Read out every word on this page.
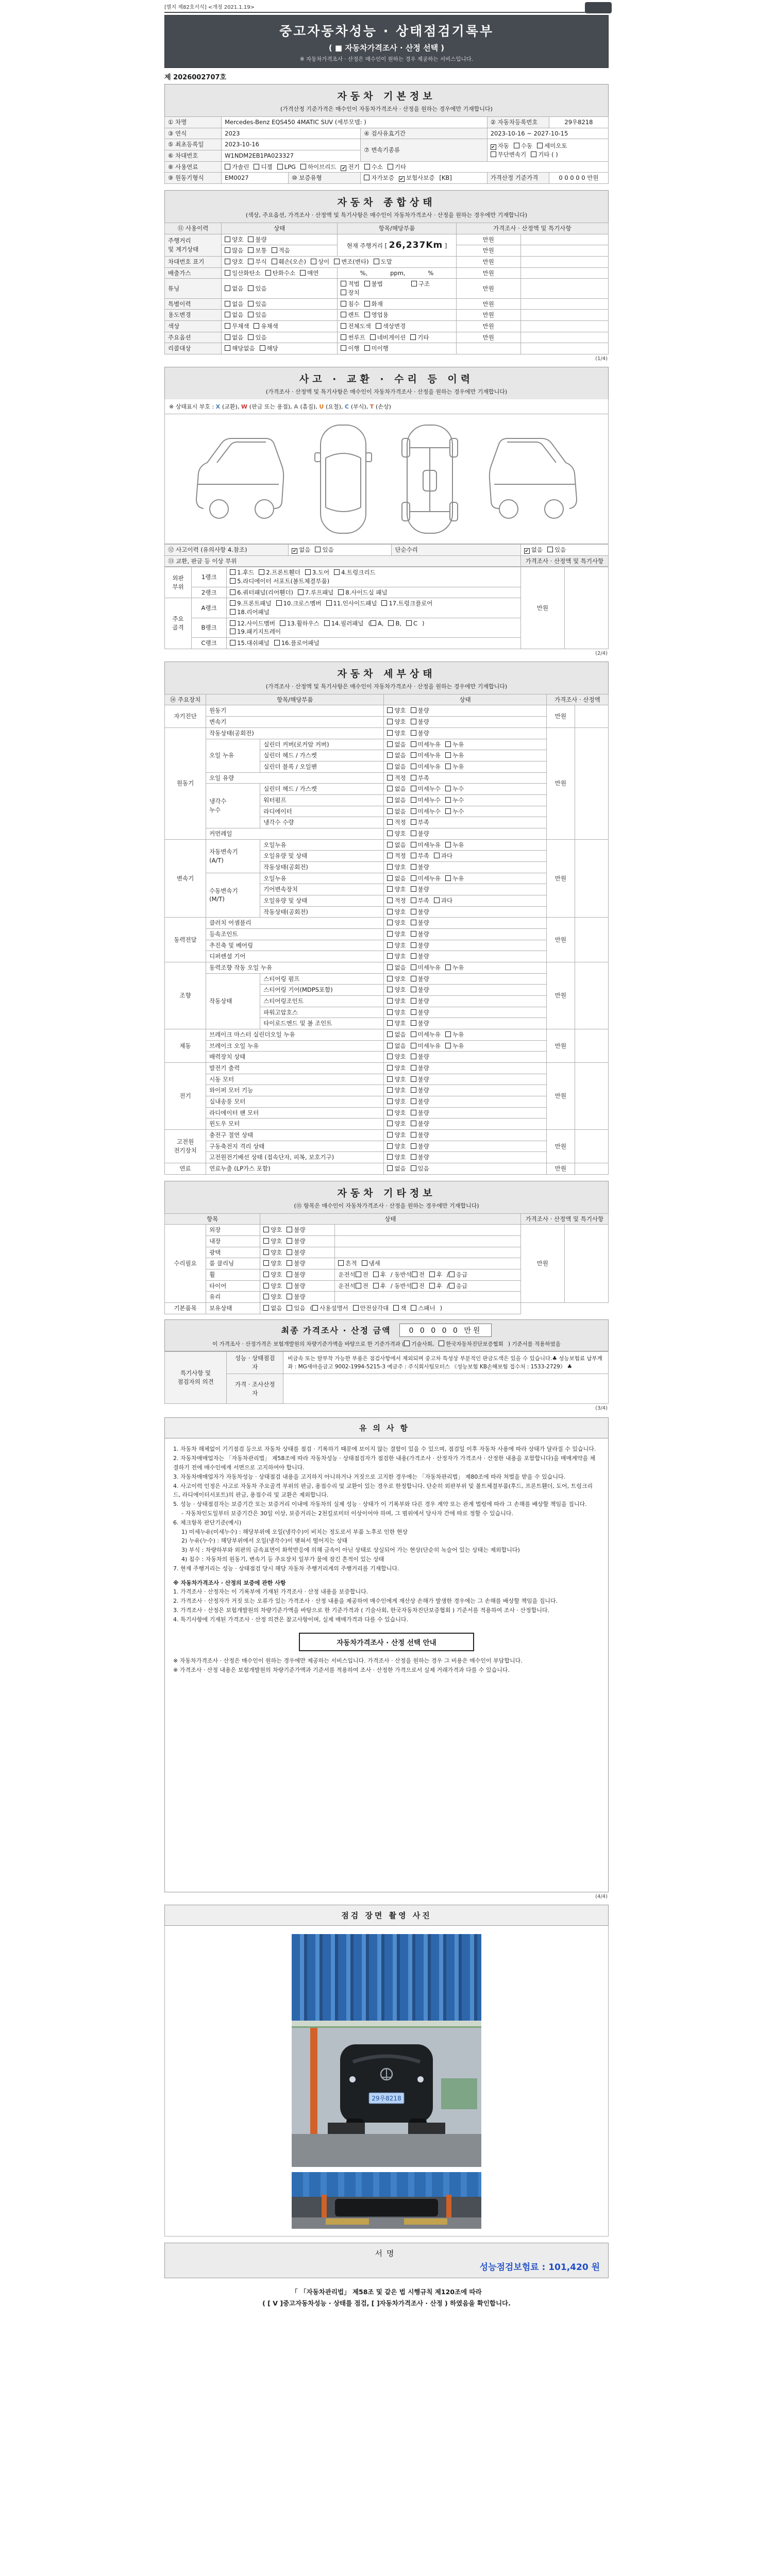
[별지 제82호서식] <개정 2021.1.19>
중고자동차성능 · 상태점검기록부
( ■ 자동차가격조사 · 산정 선택 )
※ 자동차가격조사 · 산정은 매수인이 원하는 경우 제공하는 서비스입니다.
제 2026002707호
자동차 기본정보
(가격산정 기준가격은 매수인이 자동차가격조사 · 산정을 원하는 경우에만 기재합니다)
① 차명	Mercedes-Benz EQS450 4MATIC SUV (세부모델: )			② 자동차등록번호	29우8218
③ 연식	2023		④ 검사유효기간	2023-10-16 ~ 2027-10-15	
⑤ 최초등록일	2023-10-16		⑦ 변속기종류	✔자동 수동 세미오토
무단변속기 기타 ( )
⑥ 차대번호	W1NDM2EB1PA023327				
⑧ 사용연료	가솔린 디젤 LPG 하이브리드 ✔ 전기 수소 기타
⑨ 원동기형식	EM0027	⑩ 보증유형	자가보증 ✔ 보험사보증 [KB]	가격산정 기준가격	0 0 0 0 0 만원
자동차 종합상태
(색상, 주요옵션, 가격조사 · 산정액 및 특기사항은 매수인이 자동차가격조사 · 산정을 원하는 경우에만 기재합니다)
⑪ 사용이력	상태	항목/해당부품	가격조사 · 산정액 및 특기사항	
주행거리
및 계기상태	양호 불량	현재 주행거리 [ 26,237Km ]	만원	
	많음 보통 적음		만원	
차대번호 표기	양호 부식 훼손(오손) 상이 변조(변타) 도말		만원	
배출가스	일산화탄소 탄화수소 매연	%,            ppm,            %	만원	
튜닝	없음 있음	적법 불법 구조장치	만원	
특별이력	없음 있음	침수 화재	만원	
용도변경	없음 있음	렌트 영업용	만원	
색상	무채색 유채색	전체도색 색상변경	만원	
주요옵션	없음 있음	썬루프 네비게이션 기타	만원	
리콜대상	해당없음 해당	이행 미이행		
(1/4)
사고 · 교환 · 수리 등 이력
(가격조사 · 산정액 및 특기사항은 매수인이 자동차가격조사 · 산정을 원하는 경우에만 기재합니다)
※ 상태표시 부호 : X (교환) , W (판금 또는 용접) , A (흠집) , U (요철) , C (부식) , T (손상)
⑫ 사고이력 (유의사항 4.참조)	✔없음 있음	단순수리	✔없음 있음
⑬ 교환, 판금 등 이상 부위			가격조사 · 산정액 및 특기사항
외판
부위	1랭크	1.후드 2.프론트휀더 3.도어 4.트렁크리드
5.라디에이터 서포트(볼트체결부품)	만원	
	2랭크	6.쿼터패널(리어휀더) 7.루프패널 8.사이드실 패널		
주요
골격	A랭크	9.프론트패널 10.크로스멤버 11.인사이드패널 17.트렁크플로어
18.리어패널		
	B랭크	12.사이드멤버 13.휠하우스 14.필러패널 ( A, B, C )
19.패키지트레이		
	C랭크	15.대쉬패널 16.플로어패널		
(2/4)
자동차 세부상태
(가격조사 · 산정액 및 특기사항은 매수인이 자동차가격조사 · 산정을 원하는 경우에만 기재합니다)
⑭ 주요장치	항목/해당부품		상태	가격조사 · 산정액	
자기진단	원동기		양호 불량	만원	
	변속기		양호 불량		
원동기	작동상태(공회전)		양호 불량	만원	
	오일 누유	실린더 커버(로커암 커버)	없음 미세누유 누유		
		실린더 헤드 / 가스켓	없음 미세누유 누유		
		실린더 블록 / 오일팬	없음 미세누유 누유		
	오일 유량		적정 부족		
	냉각수
누수	실린더 헤드 / 가스켓	없음 미세누수 누수		
		워터펌프	없음 미세누수 누수		
		라디에이터	없음 미세누수 누수		
		냉각수 수량	적정 부족		
	커먼레일		양호 불량		
변속기	자동변속기
(A/T)	오일누유	없음 미세누유 누유	만원	
		오일유량 및 상태	적정 부족 과다		
		작동상태(공회전)	양호 불량		
	수동변속기
(M/T)	오일누유	없음 미세누유 누유		
		기어변속장치	양호 불량		
		오일유량 및 상태	적정 부족 과다		
		작동상태(공회전)	양호 불량		
동력전달	클러치 어셈블리		양호 불량	만원	
	등속조인트		양호 불량		
	추진축 및 베어링		양호 불량		
	디퍼렌셜 기어		양호 불량		
조향	동력조향 작동 오일 누유		없음 미세누유 누유	만원	
	작동상태	스티어링 펌프	양호 불량		
		스티어링 기어(MDPS포함)	양호 불량		
		스티어링조인트	양호 불량		
		파워고압호스	양호 불량		
		타이로드엔드 및 볼 조인트	양호 불량		
제동	브레이크 마스터 실린더오일 누유		없음 미세누유 누유	만원	
	브레이크 오일 누유		없음 미세누유 누유		
	배력장치 상태		양호 불량		
전기	발전기 출력		양호 불량	만원	
	시동 모터		양호 불량		
	와이퍼 모터 기능		양호 불량		
	실내송풍 모터		양호 불량		
	라디에이터 팬 모터		양호 불량		
	윈도우 모터		양호 불량		
고전원
전기장치	충전구 절연 상태		양호 불량	만원	
	구동축전지 격리 상태		양호 불량		
	고전원전기배선 상태 (접속단자, 피복, 보호기구)		양호 불량		
연료	연료누출 (LP가스 포함)		없음 있음	만원	
자동차 기타정보
(⑮ 항목은 매수인이 자동차가격조사 · 산정을 원하는 경우에만 기재합니다)
항목		상태		가격조사 · 산정액 및 특기사항	
수리필요	외장	양호 불량		만원	
	내장	양호 불량			
	광택	양호 불량			
	룸 클리닝	양호 불량	흔적 냄새		
	휠	양호 불량	운전석 전 후 / 동반석 전 후 / 응급		
	타이어	양호 불량	운전석 전 후 / 동반석 전 후 / 응급		
	유리	양호 불량			
기본품목	보유상태	없음 있음 ( 사용설명서 안전삼각대 잭 스패너 )			
최종 가격조사 · 산정 금액	0 0 0 0 0 만원
이 가격조사 · 산정가격은 보험개발원의 차량기준가액을 바탕으로 한 기준가격과 ( 기술사회, 한국자동차진단보증협회 ) 기준서를 적용하였음
특기사항 및
점검자의 의견	성능 · 상태점검
자	비금속 또는 탈부착 가능한 부품은 점검사항에서 제외되며 중고차 특성상 부분적인 판금도색은 있을 수 있습니다.♣ 성능보험료 납부계좌 : MG새마을금고 9002-1994-5215-3 예금주 : 주식회사팀모터스 《성능보험 KB손해보험 접수처 : 1533-2729》 ♣
	가격 · 조사산정
자	
(3/4)
유의사항
1. 자동차 해체없이 기기점검 등으로 자동차 상태를 점검 · 기록하기 때문에 보이지 않는 결함이 있을 수 있으며, 점검일 이후 자동차 사용에 따라 상태가 달라질 수 있습니다.
2. 자동차매매업자는 「자동차관리법」 제58조에 따라 자동차성능 · 상태점검자가 점검한 내용(가격조사 · 산정자가 가격조사 · 산정한 내용을 포함합니다)을 매매계약을 체결하기 전에 매수인에게 서면으로 고지하여야 합니다.
3. 자동차매매업자가 자동차성능 · 상태점검 내용을 고지하지 아니하거나 거짓으로 고지한 경우에는 「자동차관리법」 제80조에 따라 처벌을 받을 수 있습니다.
4. 사고이력 인정은 사고로 자동차 주요골격 부위의 판금, 용접수리 및 교환이 있는 경우로 한정합니다. 단순히 외판부위 및 볼트체결부품(후드, 프론트휀더, 도어, 트렁크리드, 라디에이터서포트)의 판금, 용접수리 및 교환은 제외합니다.
5. 성능 · 상태점검자는 보증기간 또는 보증거리 이내에 자동차의 실제 성능 · 상태가 이 기록부와 다른 경우 계약 또는 관계 법령에 따라 그 손해를 배상할 책임을 집니다.
- 자동차인도일부터 보증기간은 30일 이상, 보증거리는 2천킬로미터 이상이어야 하며, 그 범위에서 당사자 간에 따로 정할 수 있습니다.
6. 체크항목 판단기준(예시)
1) 미세누유(미세누수) : 해당부위에 오일(냉각수)이 비치는 정도로서 부품 노후로 인한 현상
2) 누유(누수) : 해당부위에서 오일(냉각수)이 맺혀서 떨어지는 상태
3) 부식 : 차량하부와 외판의 금속표면이 화학반응에 의해 금속이 아닌 상태로 상실되어 가는 현상(단순히 녹슬어 있는 상태는 제외합니다)
4) 침수 : 자동차의 원동기, 변속기 등 주요장치 일부가 물에 잠긴 흔적이 있는 상태
7. 현재 주행거리는 성능 · 상태점검 당시 해당 자동차 주행거리계의 주행거리를 기재합니다.
※ 자동차가격조사 · 산정의 보증에 관한 사항
1. 가격조사 · 산정자는 이 기록부에 기재된 가격조사 · 산정 내용을 보증합니다.
2. 가격조사 · 산정자가 거짓 또는 오류가 있는 가격조사 · 산정 내용을 제공하여 매수인에게 재산상 손해가 발생한 경우에는 그 손해를 배상할 책임을 집니다.
3. 가격조사 · 산정은 보험개발원의 차량기준가액을 바탕으로 한 기준가격과 ( 기술사회, 한국자동차진단보증협회 ) 기준서를 적용하여 조사 · 산정합니다.
4. 특기사항에 기재된 가격조사 · 산정 의견은 참고사항이며, 실제 매매가격과 다를 수 있습니다.
자동차가격조사 · 산정 선택 안내
※ 자동차가격조사 · 산정은 매수인이 원하는 경우에만 제공하는 서비스입니다. 가격조사 · 산정을 원하는 경우 그 비용은 매수인이 부담합니다.
※ 가격조사 · 산정 내용은 보험개발원의 차량기준가액과 기준서를 적용하여 조사 · 산정한 가격으로서 실제 거래가격과 다를 수 있습니다.
(4/4)
점검 장면 촬영 사진
29우8218
서명
성능점검보험료 : 101,420 원
「 「자동차관리법」 제58조 및 같은 법 시행규칙 제120조에 따라
( [ V ]중고자동차성능 · 상태를 점검, [ ]자동차가격조사 · 산정 ) 하였음을 확인합니다.
